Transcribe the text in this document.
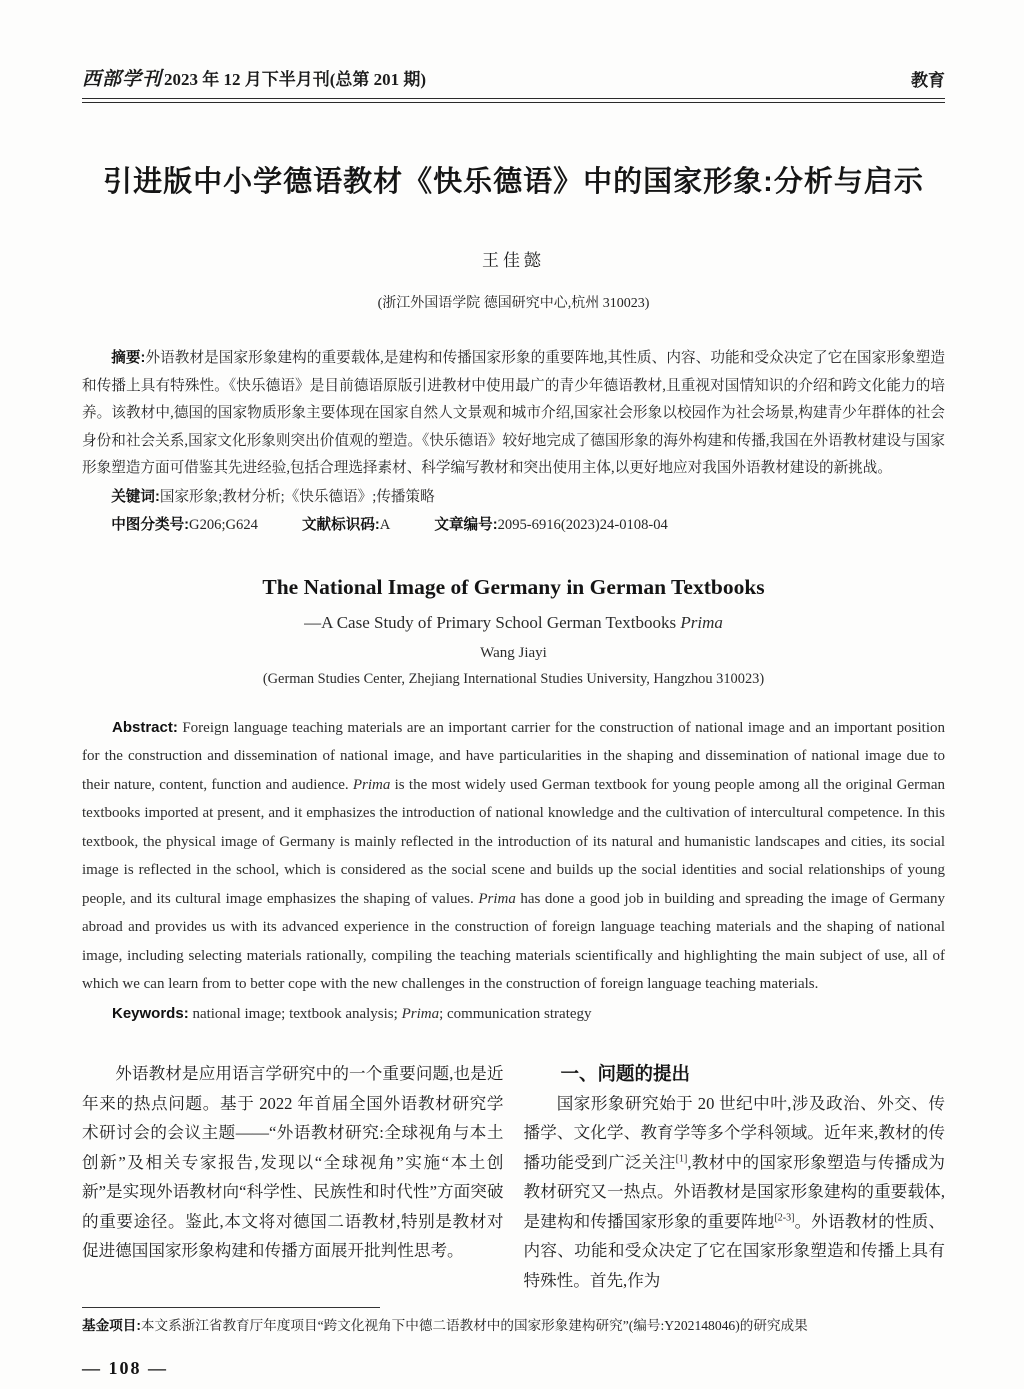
西部学刊 2023 年 12 月下半月刊(总第 201 期)	教育
引进版中小学德语教材《快乐德语》中的国家形象:分析与启示
王佳懿
(浙江外国语学院 德国研究中心,杭州 310023)

摘要:外语教材是国家形象建构的重要载体,是建构和传播国家形象的重要阵地,其性质、内容、功能和受众决定了它在国家形象塑造和传播上具有特殊性。《快乐德语》是目前德语原版引进教材中使用最广的青少年德语教材,且重视对国情知识的介绍和跨文化能力的培养。该教材中,德国的国家物质形象主要体现在国家自然人文景观和城市介绍,国家社会形象以校园作为社会场景,构建青少年群体的社会身份和社会关系,国家文化形象则突出价值观的塑造。《快乐德语》较好地完成了德国形象的海外构建和传播,我国在外语教材建设与国家形象塑造方面可借鉴其先进经验,包括合理选择素材、科学编写教材和突出使用主体,以更好地应对我国外语教材建设的新挑战。

关键词:国家形象;教材分析;《快乐德语》;传播策略

中图分类号:G206;G624	文献标识码:A	文章编号:2095-6916(2023)24-0108-04

The National Image of Germany in German Textbooks
—A Case Study of Primary School German Textbooks Prima
Wang Jiayi
(German Studies Center, Zhejiang International Studies University, Hangzhou 310023)

Abstract: Foreign language teaching materials are an important carrier for the construction of national image and an important position for the construction and dissemination of national image, and have particularities in the shaping and dissemination of national image due to their nature, content, function and audience. Prima is the most widely used German textbook for young people among all the original German textbooks imported at present, and it emphasizes the introduction of national knowledge and the cultivation of intercultural competence. In this textbook, the physical image of Germany is mainly reflected in the introduction of its natural and humanistic landscapes and cities, its social image is reflected in the school, which is considered as the social scene and builds up the social identities and social relationships of young people, and its cultural image emphasizes the shaping of values. Prima has done a good job in building and spreading the image of Germany abroad and provides us with its advanced experience in the construction of foreign language teaching materials and the shaping of national image, including selecting materials rationally, compiling the teaching materials scientifically and highlighting the main subject of use, all of which we can learn from to better cope with the new challenges in the construction of foreign language teaching materials.

Keywords: national image; textbook analysis; Prima; communication strategy

外语教材是应用语言学研究中的一个重要问题,也是近年来的热点问题。基于 2022 年首届全国外语教材研究学术研讨会的会议主题——“外语教材研究:全球视角与本土创新”及相关专家报告,发现以“全球视角”实施“本土创新”是实现外语教材向“科学性、民族性和时代性”方面突破的重要途径。鉴此,本文将对德国二语教材,特别是教材对促进德国国家形象构建和传播方面展开批判性思考。

一、问题的提出

国家形象研究始于 20 世纪中叶,涉及政治、外交、传播学、文化学、教育学等多个学科领域。近年来,教材的传播功能受到广泛关注[1],教材中的国家形象塑造与传播成为教材研究又一热点。外语教材是国家形象建构的重要载体,是建构和传播国家形象的重要阵地[2-3]。外语教材的性质、内容、功能和受众决定了它在国家形象塑造和传播上具有特殊性。首先,作为

基金项目:本文系浙江省教育厅年度项目“跨文化视角下中德二语教材中的国家形象建构研究”(编号:Y202148046)的研究成果

— 108 —
